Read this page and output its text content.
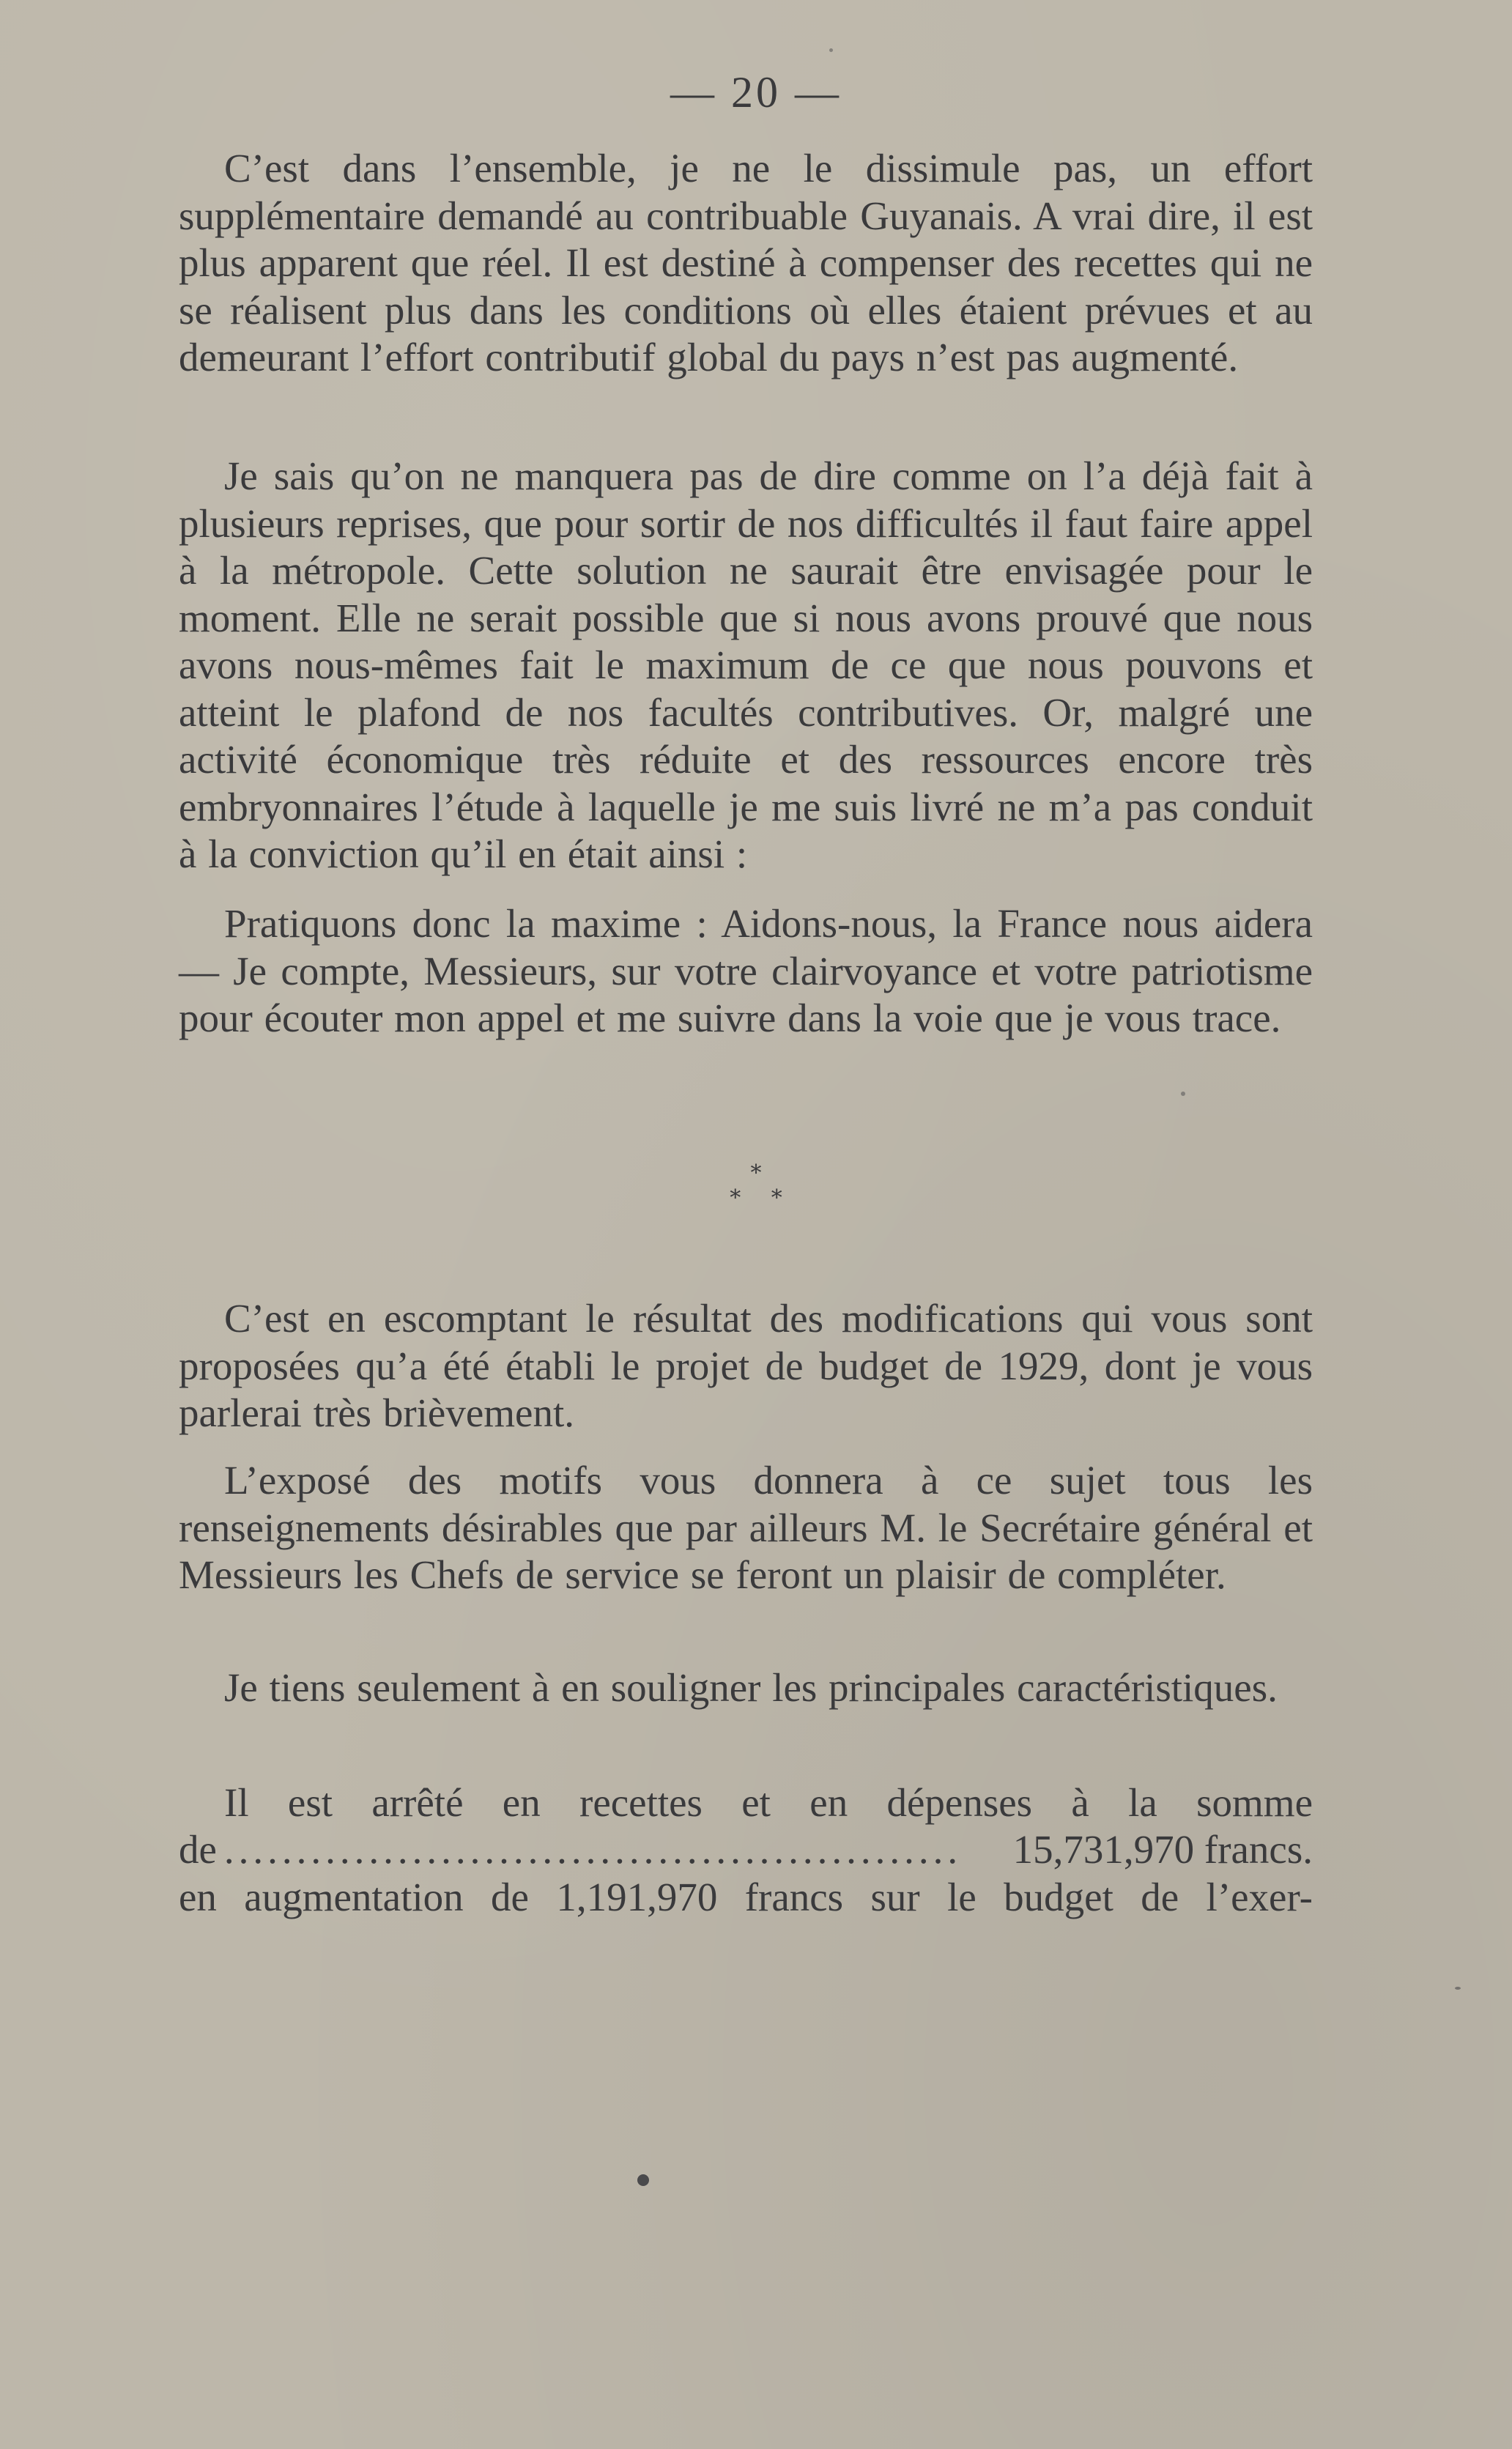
— 20 —

C’est dans l’ensemble, je ne le dissimule pas, un effort supplémentaire demandé au contribuable Guyanais. A vrai dire, il est plus apparent que réel. Il est destiné à compenser des recettes qui ne se réalisent plus dans les conditions où elles étaient prévues et au demeurant l’effort contributif global du pays n’est pas augmenté.

Je sais qu’on ne manquera pas de dire comme on l’a déjà fait à plusieurs reprises, que pour sortir de nos difficultés il faut faire appel à la métropole. Cette solution ne saurait être envisagée pour le moment. Elle ne serait possible que si nous avons prouvé que nous avons nous-mêmes fait le maximum de ce que nous pouvons et atteint le plafond de nos facultés contributives. Or, malgré une activité économique très réduite et des ressources encore très embryonnaires l’étude à laquelle je me suis livré ne m’a pas conduit à la conviction qu’il en était ainsi :

Pratiquons donc la maxime : Aidons-nous, la France nous aidera — Je compte, Messieurs, sur votre clairvoyance et votre patriotisme pour écouter mon appel et me suivre dans la voie que je vous trace.

*
* *

C’est en escomptant le résultat des modifications qui vous sont proposées qu’a été établi le projet de budget de 1929, dont je vous parlerai très brièvement.

L’exposé des motifs vous donnera à ce sujet tous les renseignements désirables que par ailleurs M. le Secrétaire général et Messieurs les Chefs de service se feront un plaisir de compléter.

Je tiens seulement à en souligner les principales caractéristiques.

Il est arrêté en recettes et en dépenses à la somme

de ...................................................	15,731,970 francs.

en augmentation de 1,191,970 francs sur le budget de l’exer-
